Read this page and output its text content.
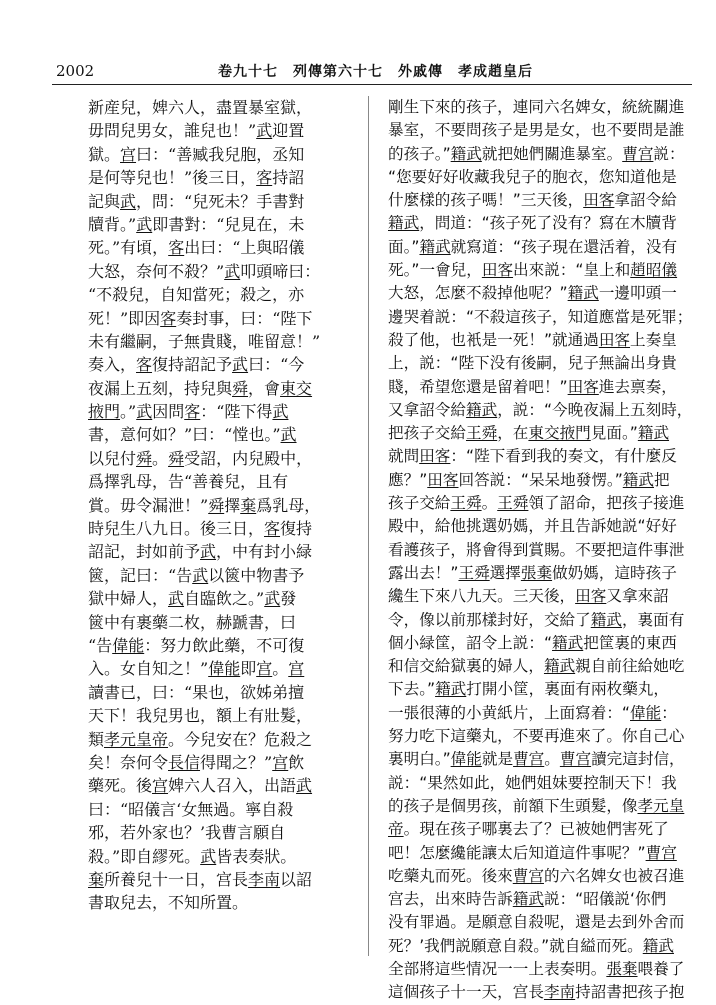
2002	卷九十七　列傳第六十七　外戚傳　孝成趙皇后
新産兒，婢六人，盡置暴室獄，
毋問兒男女，誰兒也！”武迎置
獄。宫曰：“善臧我兒胞，丞知
是何等兒也！”後三日，客持詔
記與武，問：“兒死未？手書對
牘背。”武即書對：“兒見在，未
死。”有頃，客出曰：“上與昭儀
大怒，奈何不殺？”武叩頭啼曰：
“不殺兒，自知當死；殺之，亦
死！”即因客奏封事，曰：“陛下
未有繼嗣，子無貴賤，唯留意！”
奏入，客復持詔記予武曰：“今
夜漏上五刻，持兒與舜，會東交
掖門。”武因問客：“陛下得武
書，意何如？”曰：“憆也。”武
以兒付舜。舜受詔，内兒殿中，
爲擇乳母，告“善養兒，且有
賞。毋令漏泄！”舜擇棄爲乳母，
時兒生八九日。後三日，客復持
詔記，封如前予武，中有封小緑
篋，記曰：“告武以篋中物書予
獄中婦人，武自臨飲之。”武發
篋中有裹藥二枚，赫蹏書，曰
“告偉能：努力飲此藥，不可復
入。女自知之！”偉能即宫。宫
讀書已，曰：“果也，欲姊弟擅
天下！我兒男也，額上有壯髮，
類孝元皇帝。今兒安在？危殺之
矣！奈何令長信得聞之？”宫飲
藥死。後宫婢六人召入，出語武
曰：“昭儀言‘女無過。寧自殺
邪，若外家也？’我曹言願自
殺。”即自繆死。武皆表奏狀。
棄所養兒十一日，宫長李南以詔
書取兒去，不知所置。
剛生下來的孩子，連同六名婢女，統統關進
暴室，不要問孩子是男是女，也不要問是誰
的孩子。”籍武就把她們關進暴室。曹宫説：
“您要好好收藏我兒子的胞衣，您知道他是
什麼樣的孩子嗎！”三天後，田客拿詔令給
籍武，問道：“孩子死了没有？寫在木牘背
面。”籍武就寫道：“孩子現在還活着，没有
死。”一會兒，田客出來説：“皇上和趙昭儀
大怒，怎麼不殺掉他呢？”籍武一邊叩頭一
邊哭着説：“不殺這孩子，知道應當是死罪；
殺了他，也衹是一死！”就通過田客上奏皇
上，説：“陛下没有後嗣，兒子無論出身貴
賤，希望您還是留着吧！”田客進去禀奏，
又拿詔令給籍武，説：“今晚夜漏上五刻時，
把孩子交給王舜，在東交掖門見面。”籍武
就問田客：“陛下看到我的奏文，有什麼反
應？”田客回答説：“呆呆地發愣。”籍武把
孩子交給王舜。王舜領了詔命，把孩子接進
殿中，給他挑選奶媽，并且告訴她説“好好
看護孩子，將會得到賞賜。不要把這件事泄
露出去！”王舜選擇張棄做奶媽，這時孩子
纔生下來八九天。三天後，田客又拿來詔
令，像以前那樣封好，交給了籍武，裏面有
個小緑筐，詔令上説：“籍武把筐裏的東西
和信交給獄裏的婦人，籍武親自前往給她吃
下去。”籍武打開小筐，裏面有兩枚藥丸，
一張很薄的小黄紙片，上面寫着：“偉能：
努力吃下這藥丸，不要再進來了。你自己心
裏明白。”偉能就是曹宫。曹宫讀完這封信，
説：“果然如此，她們姐妹要控制天下！我
的孩子是個男孩，前額下生頭髮，像孝元皇
帝。現在孩子哪裏去了？已被她們害死了
吧！怎麼纔能讓太后知道這件事呢？”曹宫
吃藥丸而死。後來曹宫的六名婢女也被召進
宫去，出來時告訴籍武説：“昭儀説‘你們
没有罪過。是願意自殺呢，還是去到外舍而
死？’我們説願意自殺。”就自縊而死。籍武
全部將這些情况一一上表奏明。張棄喂養了
這個孩子十一天，宫長李南持詔書把孩子抱
